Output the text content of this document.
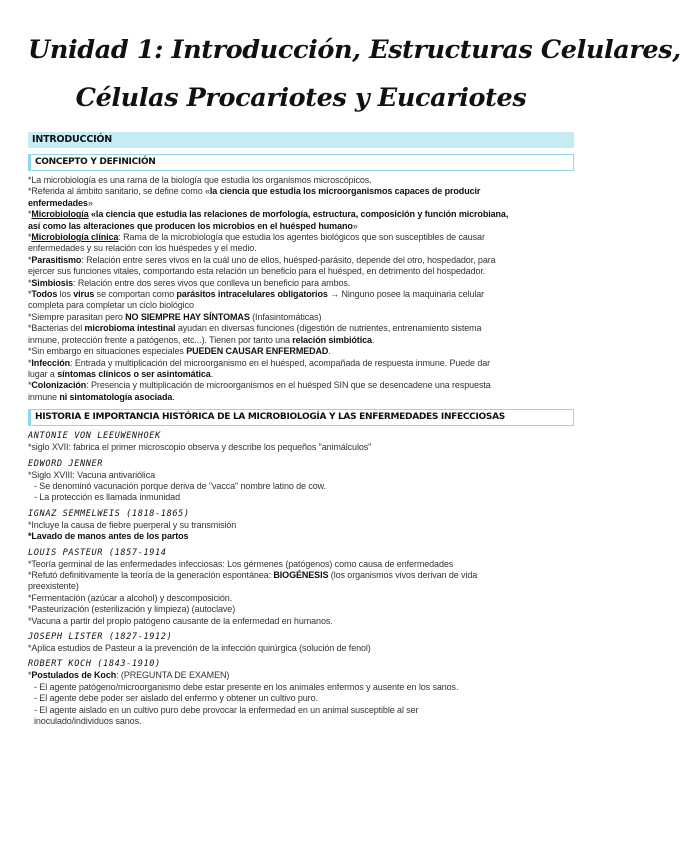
Unidad 1: Introducción, Estructuras Celulares,
Células Procariotes y Eucariotes
INTRODUCCIÓN
CONCEPTO Y DEFINICIÓN
*La microbiología es una rama de la biología que estudia los organismos microscópicos.
*Referida al ámbito sanitario, se define como «la ciencia que estudia los microorganismos capaces de producir
enfermedades»
*Microbiología «la ciencia que estudia las relaciones de morfología, estructura, composición y función microbiana,
así como las alteraciones que producen los microbios en el huésped humano»
*Microbiología clínica: Rama de la microbiología que estudia los agentes biológicos que son susceptibles de causar
enfermedades y su relación con los huéspedes y el medio.
*Parasitismo: Relación entre seres vivos en la cuál uno de ellos, huésped-parásito, depende del otro, hospedador, para
ejercer sus funciones vitales, comportando esta relación un beneficio para el huésped, en detrimento del hospedador.
*Simbiosis: Relación entre dos seres vivos que conlleva un beneficio para ambos.
*Todos los virus se comportan como parásitos intracelulares obligatorios → Ninguno posee la maquinaria celular
completa para completar un ciclo biológico
*Siempre parasitan pero NO SIEMPRE HAY SÍNTOMAS (Infasintomáticas)
*Bacterias del microbioma intestinal ayudan en diversas funciones (digestión de nutrientes, entrenamiento sistema
inmune, protección frente a patógenos, etc...). Tienen por tanto una relación simbiótica.
*Sin embargo en situaciones especiales PUEDEN CAUSAR ENFERMEDAD.
*Infección: Entrada y multiplicación del microorganismo en el huésped, acompañada de respuesta inmune. Puede dar
lugar a síntomas clínicos o ser asintomática.
*Colonización: Presencia y multiplicación de microorganismos en el huésped SIN que se desencadene una respuesta
inmune ni sintomatología asociada.
HISTORIA E IMPORTANCIA HISTÓRICA DE LA MICROBIOLOGÍA Y LAS ENFERMEDADES INFECCIOSAS
ANTONIE VON LEEUWENHOEK
*siglo XVII: fabrica el primer microscopio observa y describe los pequeños "animálculos"
EDWORD JENNER
*Siglo XVIII: Vacuna antivariólica
- Se denominó vacunación porque deriva de "vacca" nombre latino de cow.
- La protección es llamada inmunidad
IGNAZ SEMMELWEIS (1818-1865)
*Incluye la causa de fiebre puerperal y su transmisión
*Lavado de manos antes de los partos
LOUIS PASTEUR (1857-1914
*Teoría germinal de las enfermedades infecciosas: Los gérmenes (patógenos) como causa de enfermedades
*Refutó definitivamente la teoría de la generación espontánea: BIOGÉNESIS (los organismos vivos derivan de vida
preexistente)
*Fermentación (azúcar a alcohol) y descomposición.
*Pasteurización (esterilización y limpieza) (autoclave)
*Vacuna a partir del propio patógeno causante de la enfermedad en humanos.
JOSEPH LISTER (1827-1912)
*Aplica estudios de Pasteur a la prevención de la infección quirúrgica (solución de fenol)
ROBERT KOCH (1843-1910)
*Postulados de Koch: (PREGUNTA DE EXAMEN)
- El agente patógeno/microorganismo debe estar presente en los animales enfermos y ausente en los sanos.
- El agente debe poder ser aislado del enfermo y obtener un cultivo puro.
- El agente aislado en un cultivo puro debe provocar la enfermedad en un animal susceptible al ser
inoculado/individuos sanos.
